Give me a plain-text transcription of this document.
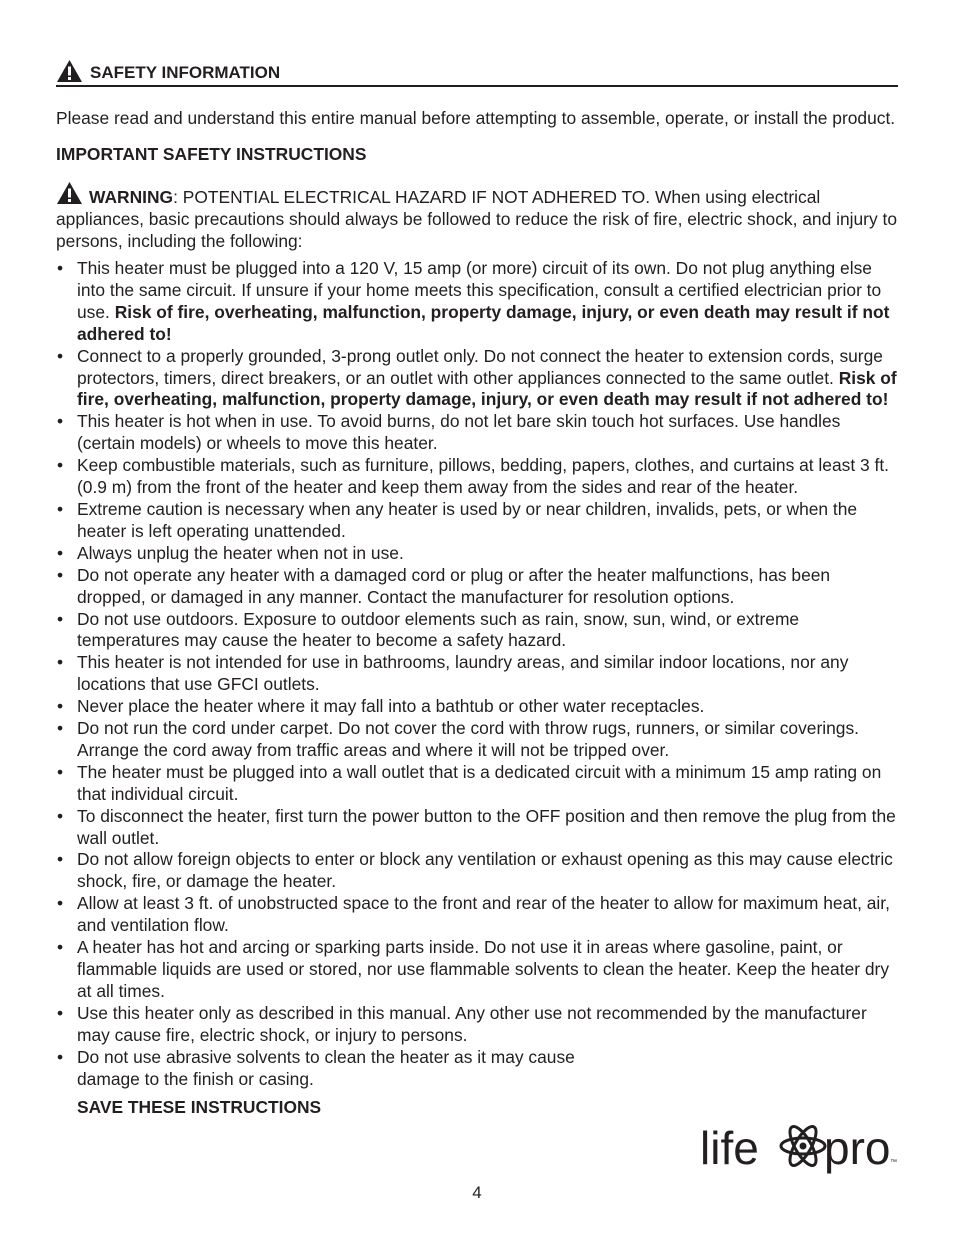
SAFETY INFORMATION

Please read and understand this entire manual before attempting to assemble, operate, or install the product.

IMPORTANT SAFETY INSTRUCTIONS
WARNING: POTENTIAL ELECTRICAL HAZARD IF NOT ADHERED TO. When using electrical appliances, basic precautions should always be followed to reduce the risk of fire, electric shock, and injury to persons, including the following:
• This heater must be plugged into a 120 V, 15 amp (or more) circuit of its own. Do not plug anything else into the same circuit. If unsure if your home meets this specification, consult a certified electrician prior to use. Risk of fire, overheating, malfunction, property damage, injury, or even death may result if not adhered to!
• Connect to a properly grounded, 3-prong outlet only. Do not connect the heater to extension cords, surge protectors, timers, direct breakers, or an outlet with other appliances connected to the same outlet. Risk of fire, overheating, malfunction, property damage, injury, or even death may result if not adhered to!
• This heater is hot when in use. To avoid burns, do not let bare skin touch hot surfaces. Use handles (certain models) or wheels to move this heater.
• Keep combustible materials, such as furniture, pillows, bedding, papers, clothes, and curtains at least 3 ft. (0.9 m) from the front of the heater and keep them away from the sides and rear of the heater.
• Extreme caution is necessary when any heater is used by or near children, invalids, pets, or when the heater is left operating unattended.
• Always unplug the heater when not in use.
• Do not operate any heater with a damaged cord or plug or after the heater malfunctions, has been dropped, or damaged in any manner. Contact the manufacturer for resolution options.
• Do not use outdoors. Exposure to outdoor elements such as rain, snow, sun, wind, or extreme temperatures may cause the heater to become a safety hazard.
• This heater is not intended for use in bathrooms, laundry areas, and similar indoor locations, nor any locations that use GFCI outlets.
• Never place the heater where it may fall into a bathtub or other water receptacles.
• Do not run the cord under carpet. Do not cover the cord with throw rugs, runners, or similar coverings. Arrange the cord away from traffic areas and where it will not be tripped over.
• The heater must be plugged into a wall outlet that is a dedicated circuit with a minimum 15 amp rating on that individual circuit.
• To disconnect the heater, first turn the power button to the OFF position and then remove the plug from the wall outlet.
• Do not allow foreign objects to enter or block any ventilation or exhaust opening as this may cause electric shock, fire, or damage the heater.
• Allow at least 3 ft. of unobstructed space to the front and rear of the heater to allow for maximum heat, air, and ventilation flow.
• A heater has hot and arcing or sparking parts inside. Do not use it in areas where gasoline, paint, or flammable liquids are used or stored, nor use flammable solvents to clean the heater. Keep the heater dry at all times.
• Use this heater only as described in this manual. Any other use not recommended by the manufacturer may cause fire, electric shock, or injury to persons.
• Do not use abrasive solvents to clean the heater as it may cause damage to the finish or casing.
SAVE THESE INSTRUCTIONS
life pro ™
4
